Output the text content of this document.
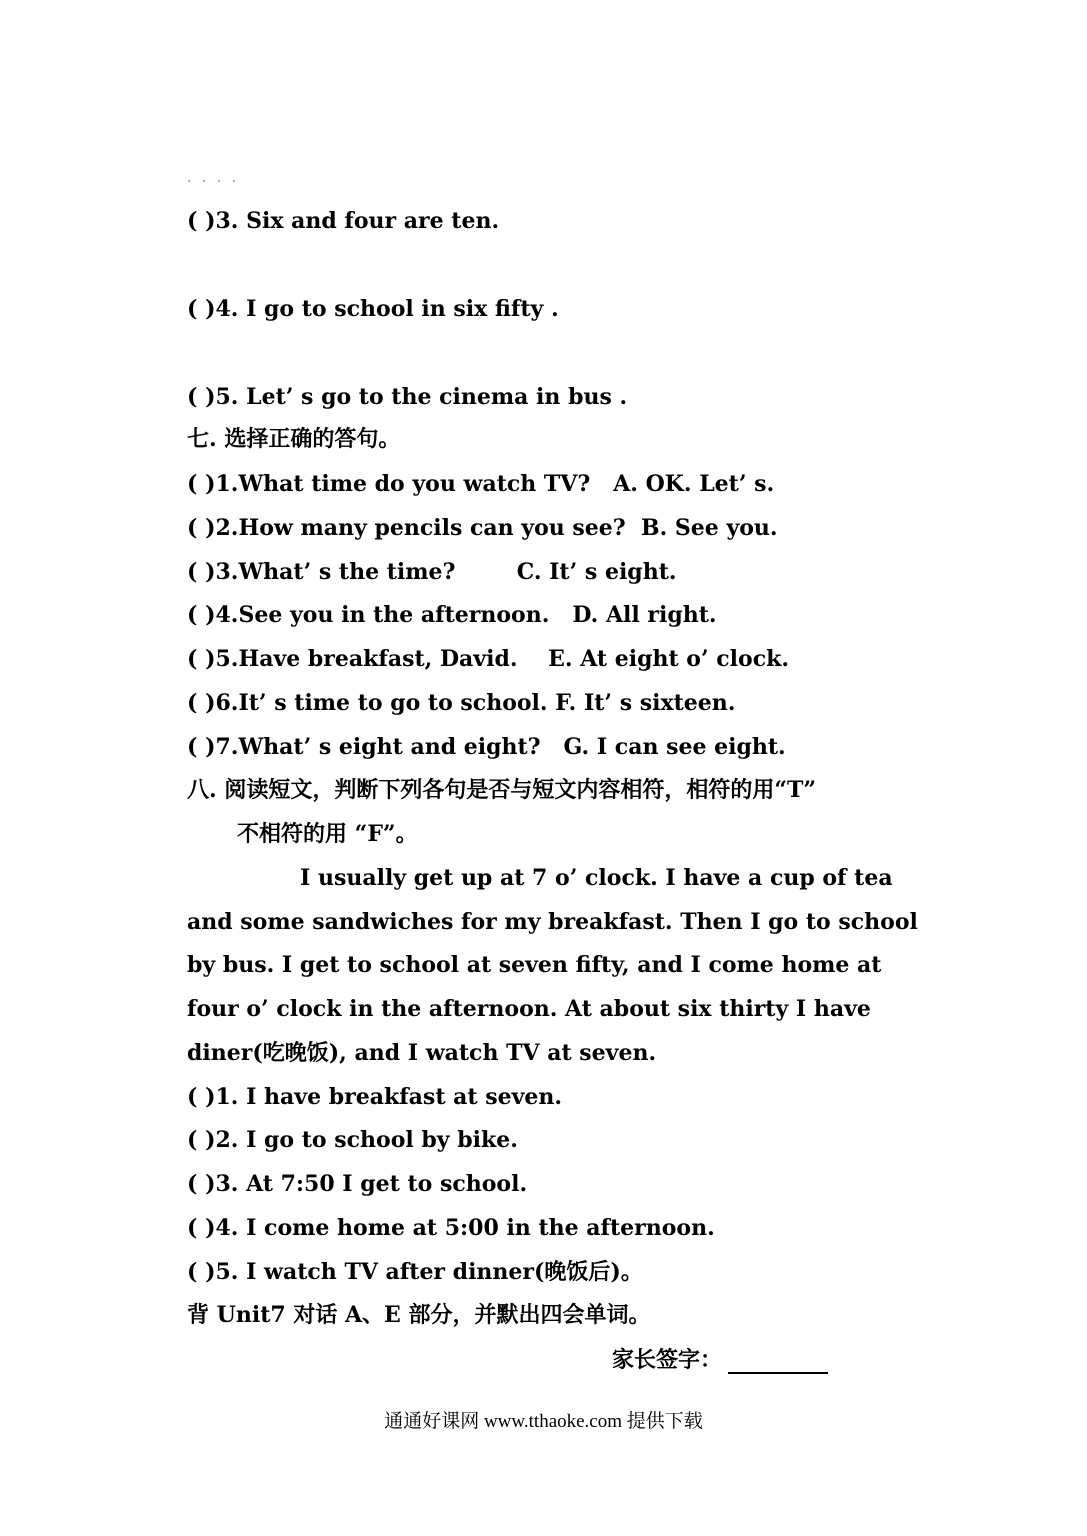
. . . .
( )3. Six and four are ten.
( )4. I go to school in six fifty .
( )5. Let’ s go to the cinema in bus .
七. 选择正确的答句。
( )1.What time do you watch TV?   A. OK. Let’ s.
( )2.How many pencils can you see?  B. See you.
( )3.What’ s the time?        C. It’ s eight.
( )4.See you in the afternoon.   D. All right.
( )5.Have breakfast, David.    E. At eight o’ clock.
( )6.It’ s time to go to school. F. It’ s sixteen.
( )7.What’ s eight and eight?   G. I can see eight.
八. 阅读短文，判断下列各句是否与短文内容相符，相符的用“T”
不相符的用 “F”。
I usually get up at 7 o’ clock. I have a cup of tea
and some sandwiches for my breakfast. Then I go to school
by bus. I get to school at seven fifty, and I come home at
four o’ clock in the afternoon. At about six thirty I have
diner(吃晚饭), and I watch TV at seven.
( )1. I have breakfast at seven.
( )2. I go to school by bike.
( )3. At 7:50 I get to school.
( )4. I come home at 5:00 in the afternoon.
( )5. I watch TV after dinner(晚饭后)。
背 Unit7 对话 A、E 部分，并默出四会单词。
家长签字：
通通好课网 www.tthaoke.com 提供下载
